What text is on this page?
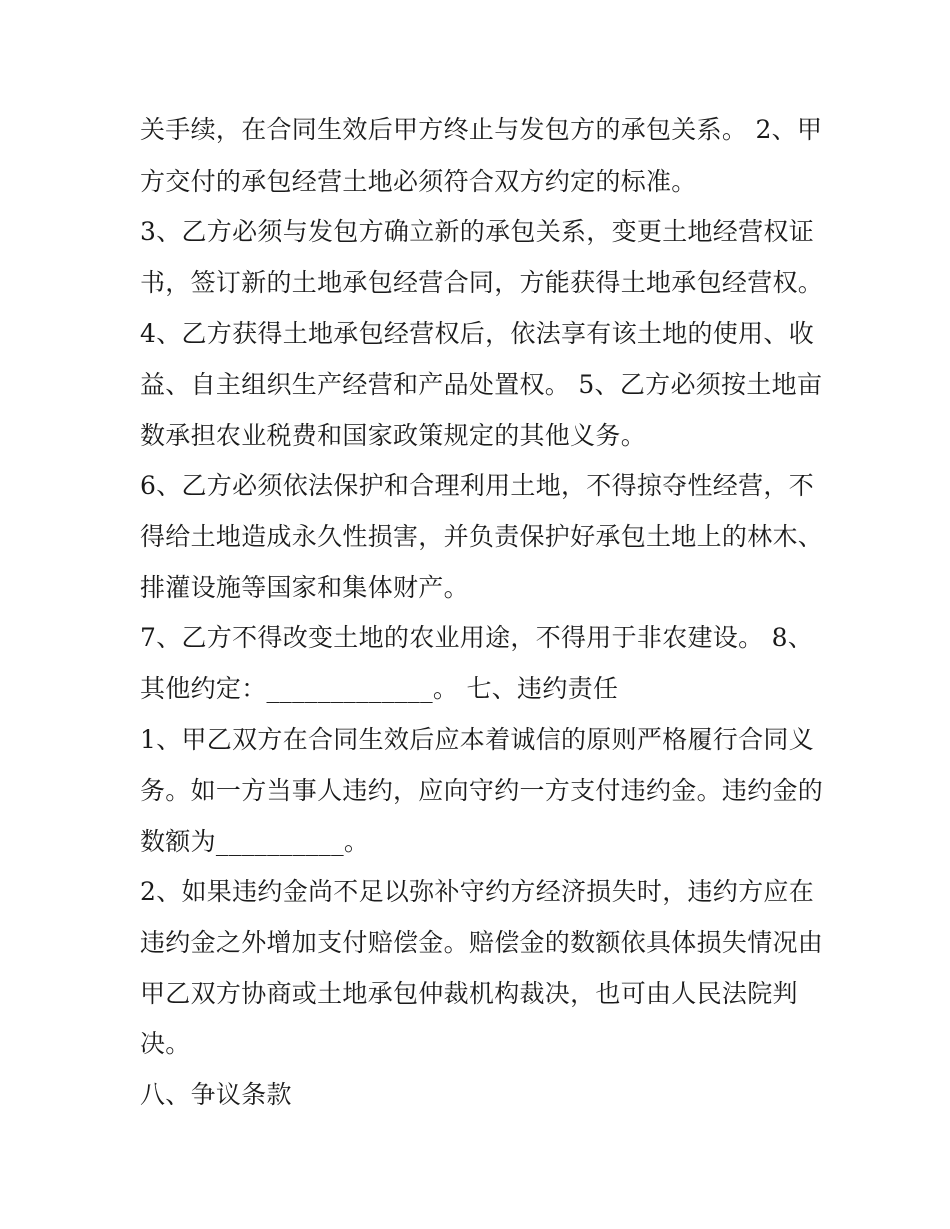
关手续，在合同生效后甲方终止与发包方的承包关系。 2、甲
方交付的承包经营土地必须符合双方约定的标准。
3、乙方必须与发包方确立新的承包关系，变更土地经营权证
书，签订新的土地承包经营合同，方能获得土地承包经营权。
4、乙方获得土地承包经营权后，依法享有该土地的使用、收
益、自主组织生产经营和产品处置权。 5、乙方必须按土地亩
数承担农业税费和国家政策规定的其他义务。
6、乙方必须依法保护和合理利用土地，不得掠夺性经营，不
得给土地造成永久性损害，并负责保护好承包土地上的林木、
排灌设施等国家和集体财产。
7、乙方不得改变土地的农业用途，不得用于非农建设。 8、
其他约定：_____________。 七、违约责任
1、甲乙双方在合同生效后应本着诚信的原则严格履行合同义
务。如一方当事人违约，应向守约一方支付违约金。违约金的
数额为__________。
2、如果违约金尚不足以弥补守约方经济损失时，违约方应在
违约金之外增加支付赔偿金。赔偿金的数额依具体损失情况由
甲乙双方协商或土地承包仲裁机构裁决，也可由人民法院判
决。
八、争议条款
